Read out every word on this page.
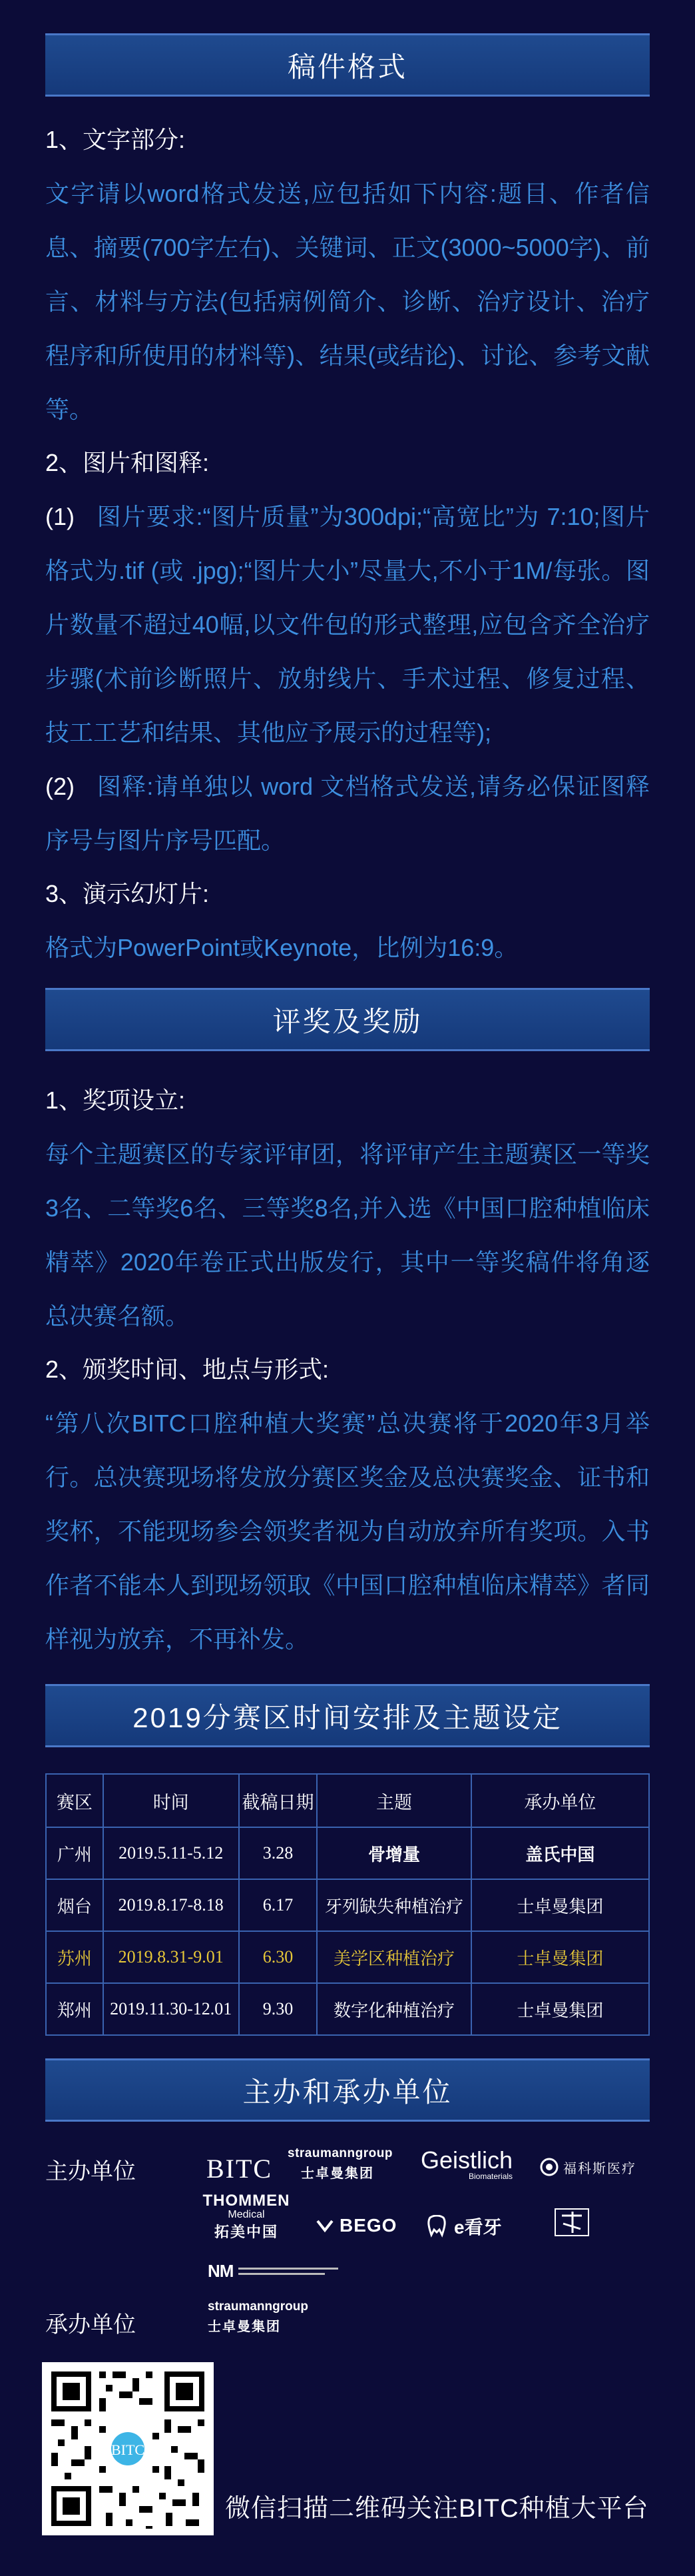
稿件格式
1、文字部分:
文字请以word格式发送,应包括如下内容:题目、作者信息、摘要(700字左右)、关键词、正文(3000~5000字)、前言、材料与方法(包括病例简介、诊断、治疗设计、治疗程序和所使用的材料等)、结果(或结论)、讨论、参考文献等。
2、图片和图释:
(1) 图片要求:“图片质量”为300dpi;“高宽比”为 7:10;图片格式为.tif (或 .jpg);“图片大小”尽量大,不小于1M/每张。图片数量不超过40幅,以文件包的形式整理,应包含齐全治疗步骤(术前诊断照片、放射线片、手术过程、修复过程、技工工艺和结果、其他应予展示的过程等);
(2) 图释:请单独以 word 文档格式发送,请务必保证图释序号与图片序号匹配。
3、演示幻灯片:
格式为PowerPoint或Keynote，比例为16:9。
评奖及奖励
1、奖项设立:
每个主题赛区的专家评审团，将评审产生主题赛区一等奖3名、二等奖6名、三等奖8名,并入选《中国口腔种植临床精萃》2020年卷正式出版发行，其中一等奖稿件将角逐总决赛名额。
2、颁奖时间、地点与形式:
“第八次BITC口腔种植大奖赛”总决赛将于2020年3月举行。总决赛现场将发放分赛区奖金及总决赛奖金、证书和奖杯，不能现场参会领奖者视为自动放弃所有奖项。入书作者不能本人到现场领取《中国口腔种植临床精萃》者同样视为放弃，不再补发。
2019分赛区时间安排及主题设定
赛区	时间	截稿日期	主题	承办单位
广州	2019.5.11-5.12	3.28	骨增量	盖氏中国
烟台	2019.8.17-8.18	6.17	牙列缺失种植治疗	士卓曼集团
苏州	2019.8.31-9.01	6.30	美学区种植治疗	士卓曼集团
郑州	2019.11.30-12.01	9.30	数字化种植治疗	士卓曼集团
主办和承办单位
主办单位	BITC
straumanngroup
士卓曼集团	Geistlich
Biomaterials
福科斯医疗
THOMMEN
Medical
拓美中国	BEGO	e看牙
NM
承办单位
straumanngroup
士卓曼集团
BITC
微信扫描二维码关注BITC种植大平台
